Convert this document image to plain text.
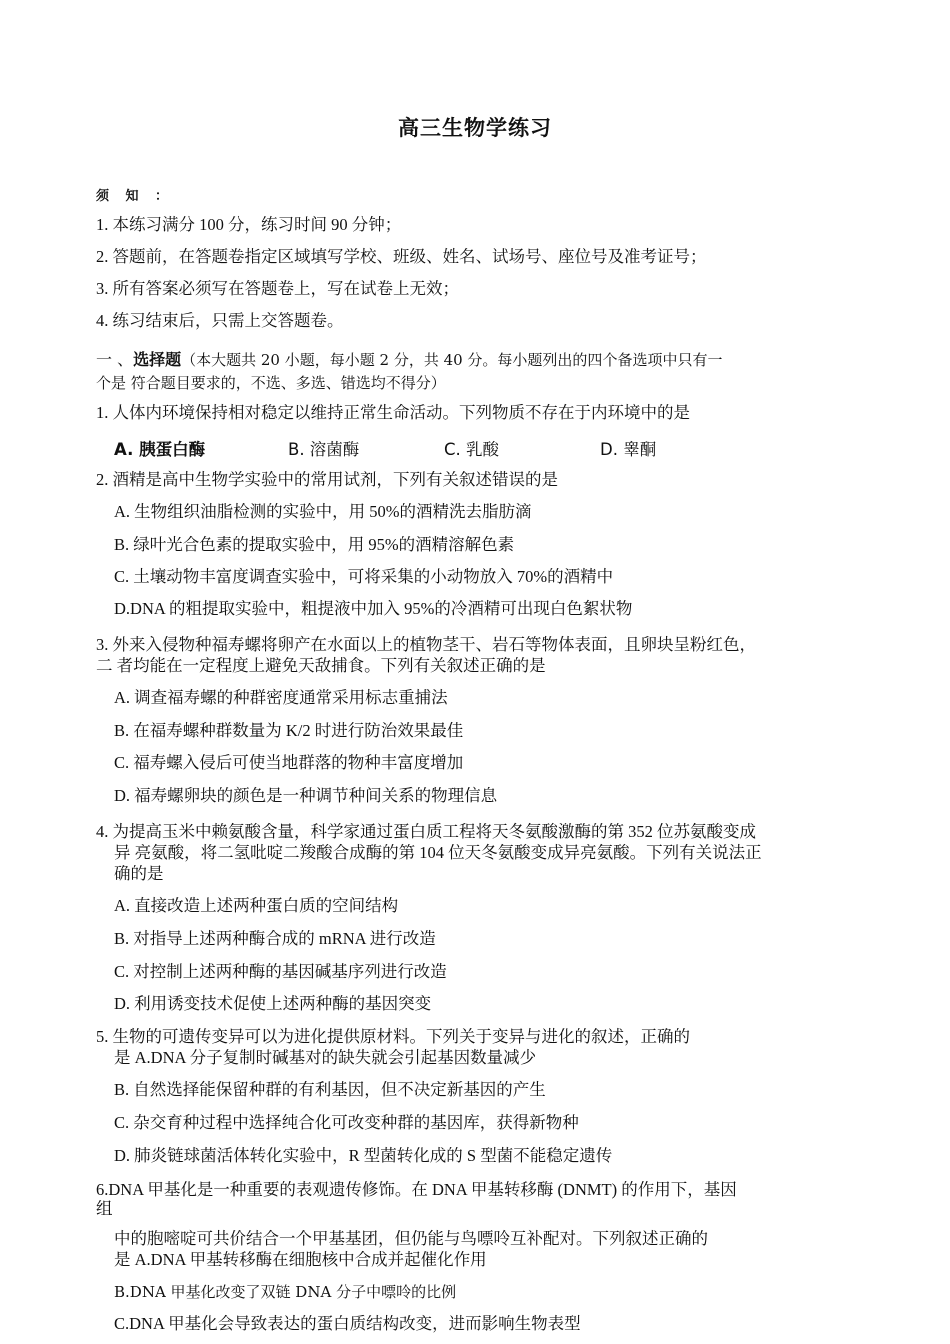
高三生物学练习
须 知 ：
1. 本练习满分 100 分，练习时间 90 分钟；
2. 答题前，在答题卷指定区域填写学校、班级、姓名、试场号、座位号及准考证号；
3. 所有答案必须写在答题卷上，写在试卷上无效；
4. 练习结束后，只需上交答题卷。
一 、选择题（本大题共 20 小题，每小题 2 分，共 40 分。每小题列出的四个备选项中只有一
个是 符合题目要求的，不选、多选、错选均不得分）
1. 人体内环境保持相对稳定以维持正常生命活动。下列物质不存在于内环境中的是
A. 胰蛋白酶	B. 溶菌酶	C. 乳酸	D. 睾酮
2. 酒精是高中生物学实验中的常用试剂，下列有关叙述错误的是
A. 生物组织油脂检测的实验中，用 50%的酒精洗去脂肪滴
B. 绿叶光合色素的提取实验中，用 95%的酒精溶解色素
C. 土壤动物丰富度调查实验中，可将采集的小动物放入 70%的酒精中
D.DNA 的粗提取实验中，粗提液中加入 95%的冷酒精可出现白色絮状物
3. 外来入侵物种福寿螺将卵产在水面以上的植物茎干、岩石等物体表面，且卵块呈粉红色，
二 者均能在一定程度上避免天敌捕食。下列有关叙述正确的是
A. 调查福寿螺的种群密度通常采用标志重捕法
B. 在福寿螺种群数量为 K/2 时进行防治效果最佳
C. 福寿螺入侵后可使当地群落的物种丰富度增加
D. 福寿螺卵块的颜色是一种调节种间关系的物理信息
4. 为提高玉米中赖氨酸含量，科学家通过蛋白质工程将天冬氨酸激酶的第 352 位苏氨酸变成
异 亮氨酸，将二氢吡啶二羧酸合成酶的第 104 位天冬氨酸变成异亮氨酸。下列有关说法正
确的是
A. 直接改造上述两种蛋白质的空间结构
B. 对指导上述两种酶合成的 mRNA 进行改造
C. 对控制上述两种酶的基因碱基序列进行改造
D. 利用诱变技术促使上述两种酶的基因突变
5. 生物的可遗传变异可以为进化提供原材料。下列关于变异与进化的叙述，正确的
是 A.DNA 分子复制时碱基对的缺失就会引起基因数量减少
B. 自然选择能保留种群的有利基因，但不决定新基因的产生
C. 杂交育种过程中选择纯合化可改变种群的基因库，获得新物种
D. 肺炎链球菌活体转化实验中，R 型菌转化成的 S 型菌不能稳定遗传
6.DNA 甲基化是一种重要的表观遗传修饰。在 DNA 甲基转移酶 (DNMT) 的作用下，基因
组
中的胞嘧啶可共价结合一个甲基基团，但仍能与鸟嘌呤互补配对。下列叙述正确的
是 A.DNA 甲基转移酶在细胞核中合成并起催化作用
B.DNA 甲基化改变了双链 DNA 分子中嘌呤的比例
C.DNA 甲基化会导致表达的蛋白质结构改变，进而影响生物表型
